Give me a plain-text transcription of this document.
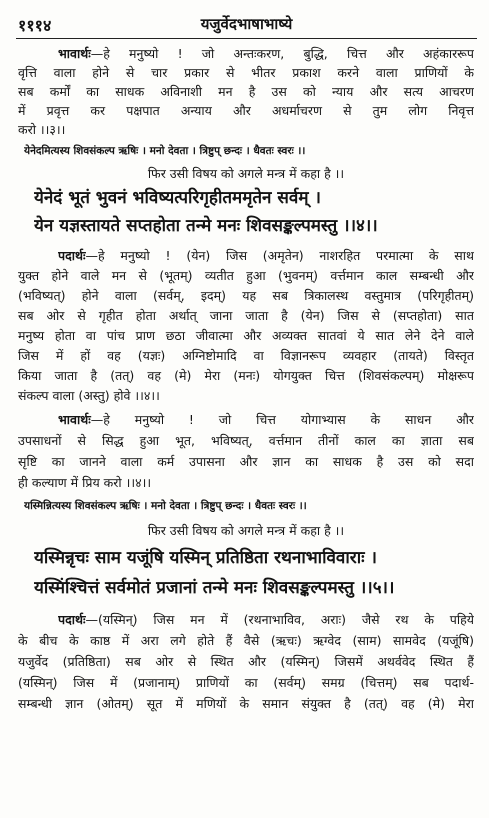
१११४	यजुर्वेदभाषाभाष्ये
भावार्थः—हे मनुष्यो ! जो अन्तःकरण, बुद्धि, चित्त और अहंकाररूप
वृत्ति वाला होने से चार प्रकार से भीतर प्रकाश करने वाला प्राणियों के
सब कर्मों का साधक अविनाशी मन है उस को न्याय और सत्य आचरण
में प्रवृत्त कर पक्षपात अन्याय और अधर्माचरण से तुम लोग निवृत्त
करो ।।३।।
येनेदमित्यस्य शिवसंकल्प ऋषिः । मनो देवता । त्रिष्टुप् छन्दः । धैवतः स्वरः ।।
फिर उसी विषय को अगले मन्त्र में कहा है ।।
येनेदं भूतं भुवनं भविष्यत्परिगृहीतममृतेन सर्वम् ।
येन यज्ञस्तायते सप्तहोता तन्मे मनः शिवसङ्कल्पमस्तु ।।४।।
पदार्थः—हे मनुष्यो ! (येन) जिस (अमृतेन) नाशरहित परमात्मा के साथ
युक्त होने वाले मन से (भूतम्) व्यतीत हुआ (भुवनम्) वर्त्तमान काल सम्बन्धी और
(भविष्यत्) होने वाला (सर्वम्, इदम्) यह सब त्रिकालस्थ वस्तुमात्र (परिगृहीतम्)
सब ओर से गृहीत होता अर्थात् जाना जाता है (येन) जिस से (सप्तहोता) सात
मनुष्य होता वा पांच प्राण छठा जीवात्मा और अव्यक्त सातवां ये सात लेने देने वाले
जिस में हों वह (यज्ञः) अग्निष्टोमादि वा विज्ञानरूप व्यवहार (तायते) विस्तृत
किया जाता है (तत्) वह (मे) मेरा (मनः) योगयुक्त चित्त (शिवसंकल्पम्) मोक्षरूप
संकल्प वाला (अस्तु) होवे ।।४।।
भावार्थः—हे मनुष्यो ! जो चित्त योगाभ्यास के साधन और
उपसाधनों से सिद्ध हुआ भूत, भविष्यत्, वर्त्तमान तीनों काल का ज्ञाता सब
सृष्टि का जानने वाला कर्म उपासना और ज्ञान का साधक है उस को सदा
ही कल्याण में प्रिय करो ।।४।।
यस्मिन्नित्यस्य शिवसंकल्प ऋषिः । मनो देवता । त्रिष्टुप् छन्दः । धैवतः स्वरः ।।
फिर उसी विषय को अगले मन्त्र में कहा है ।।
यस्मिन्नृचः साम यजूंषि यस्मिन् प्रतिष्ठिता रथनाभाविवाराः ।
यस्मिंश्चित्तं सर्वमोतं प्रजानां तन्मे मनः शिवसङ्कल्पमस्तु ।।५।।
पदार्थः—(यस्मिन्) जिस मन में (रथनाभाविव, अराः) जैसे रथ के पहिये
के बीच के काष्ठ में अरा लगे होते हैं वैसे (ऋचः) ऋग्वेद (साम) सामवेद (यजूंषि)
यजुर्वेद (प्रतिष्ठिता) सब ओर से स्थित और (यस्मिन्) जिसमें अथर्ववेद स्थित हैं
(यस्मिन्) जिस में (प्रजानाम्) प्राणियों का (सर्वम्) समग्र (चित्तम्) सब पदार्थ-
सम्बन्धी ज्ञान (ओतम्) सूत में मणियों के समान संयुक्त है (तत्) वह (मे) मेरा
